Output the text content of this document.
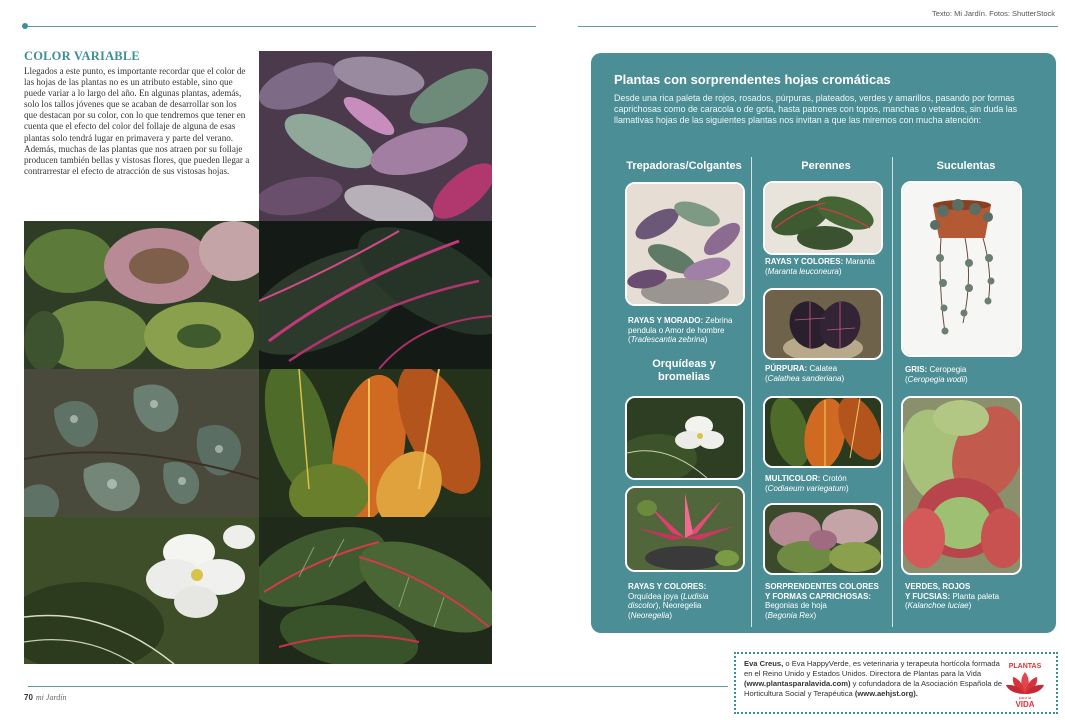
Texto: Mi Jardín. Fotos: ShutterStock
COLOR VARIABLE
Llegados a este punto, es importante recordar que el color de las hojas de las plantas no es un atributo estable, sino que puede variar a lo largo del año. En algunas plantas, además, solo los tallos jóvenes que se acaban de desarrollar son los que destacan por su color, con lo que tendremos que tener en cuenta que el efecto del color del follaje de alguna de esas plantas solo tendrá lugar en primavera y parte del verano. Además, muchas de las plantas que nos atraen por su follaje producen también bellas y vistosas flores, que pueden llegar a contrarrestar el efecto de atracción de sus vistosas hojas.
Plantas con sorprendentes hojas cromáticas
Desde una rica paleta de rojos, rosados, púrpuras, plateados, verdes y amarillos, pasando por formas caprichosas como de caracola o de gota, hasta patrones con topos, manchas o veteados, sin duda las llamativas hojas de las siguientes plantas nos invitan a que las miremos con mucha atención:
Trepadoras/Colgantes	Perennes	Suculentas
RAYAS Y MORADO: Zebrina
pendula o Amor de hombre
(Tradescantia zebrina)
Orquídeas y
bromelias
RAYAS Y COLORES:
Orquídea joya (Ludisia
discolor), Neoregelia
(Neoregelia)
RAYAS Y COLORES: Maranta
(Maranta leuconeura)
PÚRPURA: Calatea
(Calathea sanderiana)
MULTICOLOR: Crotón
(Codiaeum variegatum)
SORPRENDENTES COLORES
Y FORMAS CAPRICHOSAS:
Begonias de hoja
(Begonia Rex)
GRIS: Ceropegia
(Ceropegia wodii)
VERDES, ROJOS
Y FUCSIAS: Planta paleta
(Kalanchoe luciae)
70 mi Jardín
Eva Creus, o Eva HappyVerde, es veterinaria y terapeuta hortícola formada en el Reino Unido y Estados Unidos. Directora de Plantas para la Vida (www.plantasparalavida.com) y cofundadora de la Asociación Española de Horticultura Social y Terapéutica (www.aehjst.org).
PLANTAS
para la
VIDA
